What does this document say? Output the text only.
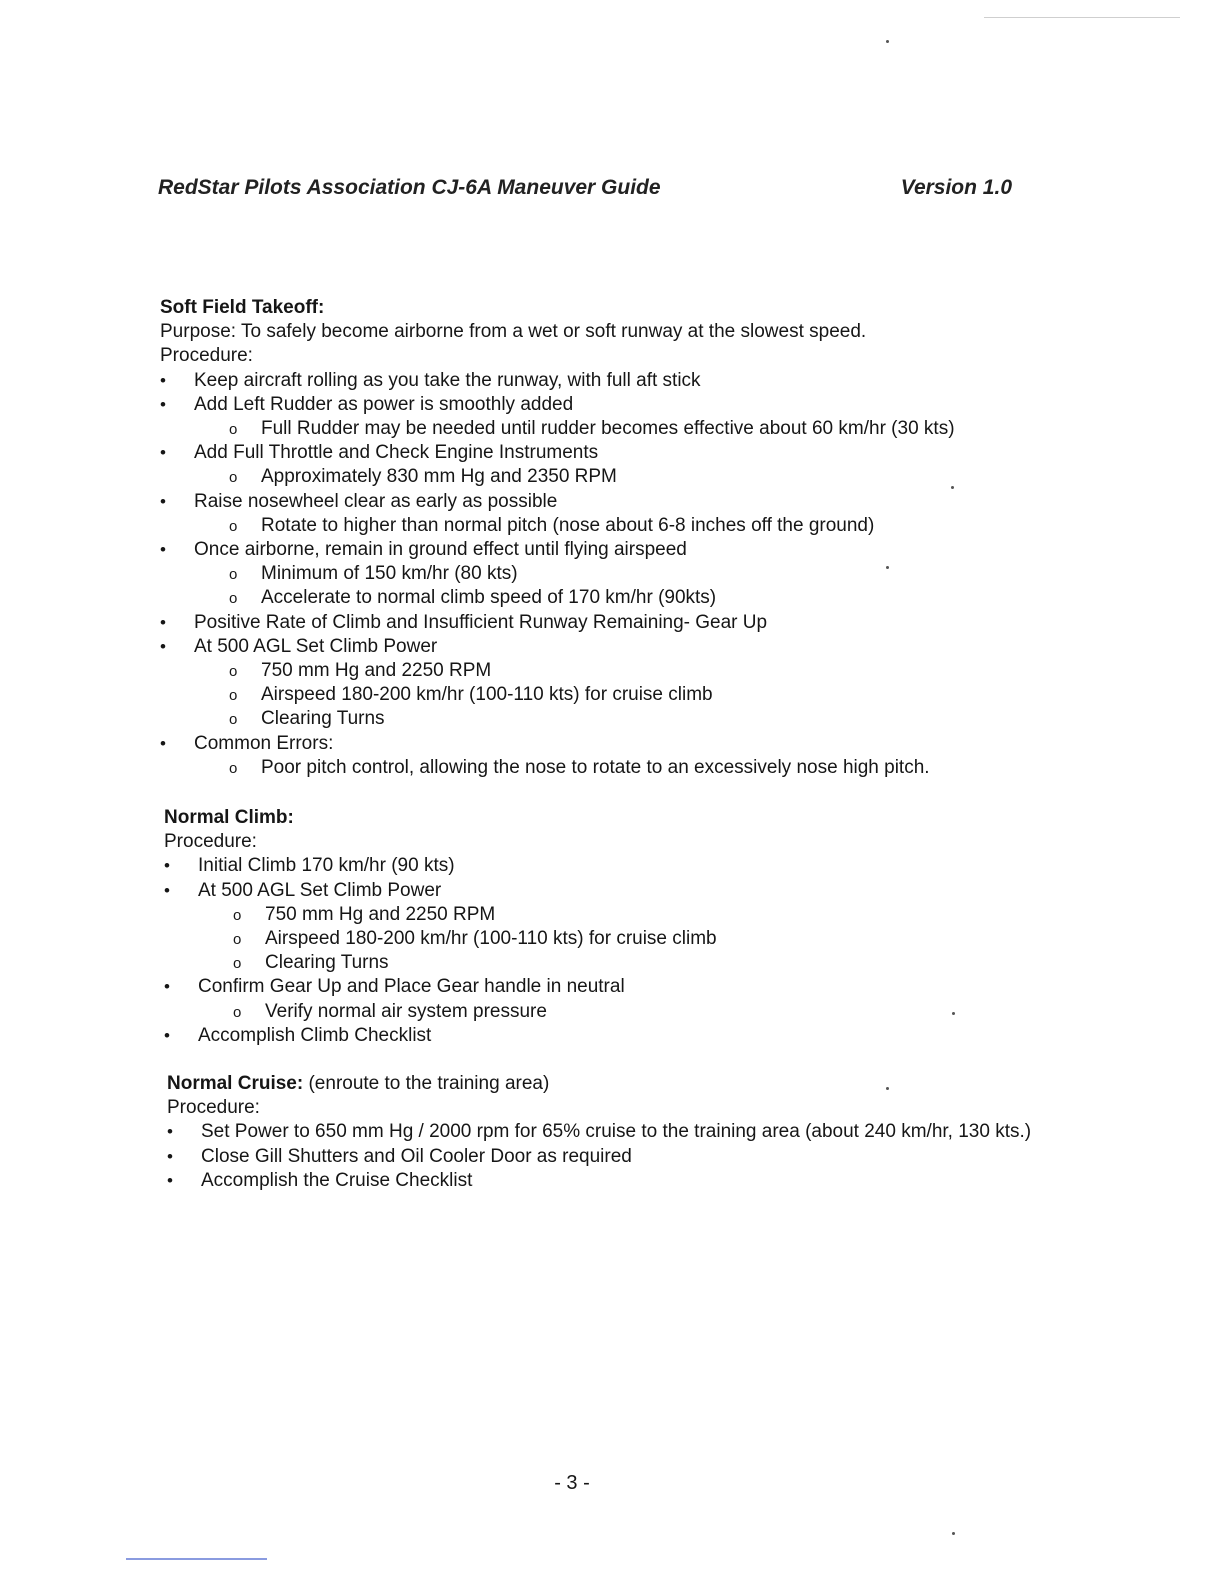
RedStar Pilots Association CJ-6A Maneuver Guide	Version 1.0

Soft Field Takeoff:

Purpose: To safely become airborne from a wet or soft runway at the slowest speed.

Procedure:

• Keep aircraft rolling as you take the runway, with full aft stick
• Add Left Rudder as power is smoothly added
o Full Rudder may be needed until rudder becomes effective about 60 km/hr (30 kts)
• Add Full Throttle and Check Engine Instruments
o Approximately 830 mm Hg and 2350 RPM
• Raise nosewheel clear as early as possible
o Rotate to higher than normal pitch (nose about 6-8 inches off the ground)
• Once airborne, remain in ground effect until flying airspeed
o Minimum of 150 km/hr (80 kts)
o Accelerate to normal climb speed of 170 km/hr (90kts)
• Positive Rate of Climb and Insufficient Runway Remaining- Gear Up
• At 500 AGL Set Climb Power
o 750 mm Hg and 2250 RPM
o Airspeed 180-200 km/hr (100-110 kts) for cruise climb
o Clearing Turns
• Common Errors:
o Poor pitch control, allowing the nose to rotate to an excessively nose high pitch.

Normal Climb:

Procedure:

• Initial Climb 170 km/hr (90 kts)
• At 500 AGL Set Climb Power
o 750 mm Hg and 2250 RPM
o Airspeed 180-200 km/hr (100-110 kts) for cruise climb
o Clearing Turns
• Confirm Gear Up and Place Gear handle in neutral
o Verify normal air system pressure
• Accomplish Climb Checklist

Normal Cruise: (enroute to the training area)

Procedure:

• Set Power to 650 mm Hg / 2000 rpm for 65% cruise to the training area (about 240 km/hr, 130 kts.)
• Close Gill Shutters and Oil Cooler Door as required
• Accomplish the Cruise Checklist
- 3 -
